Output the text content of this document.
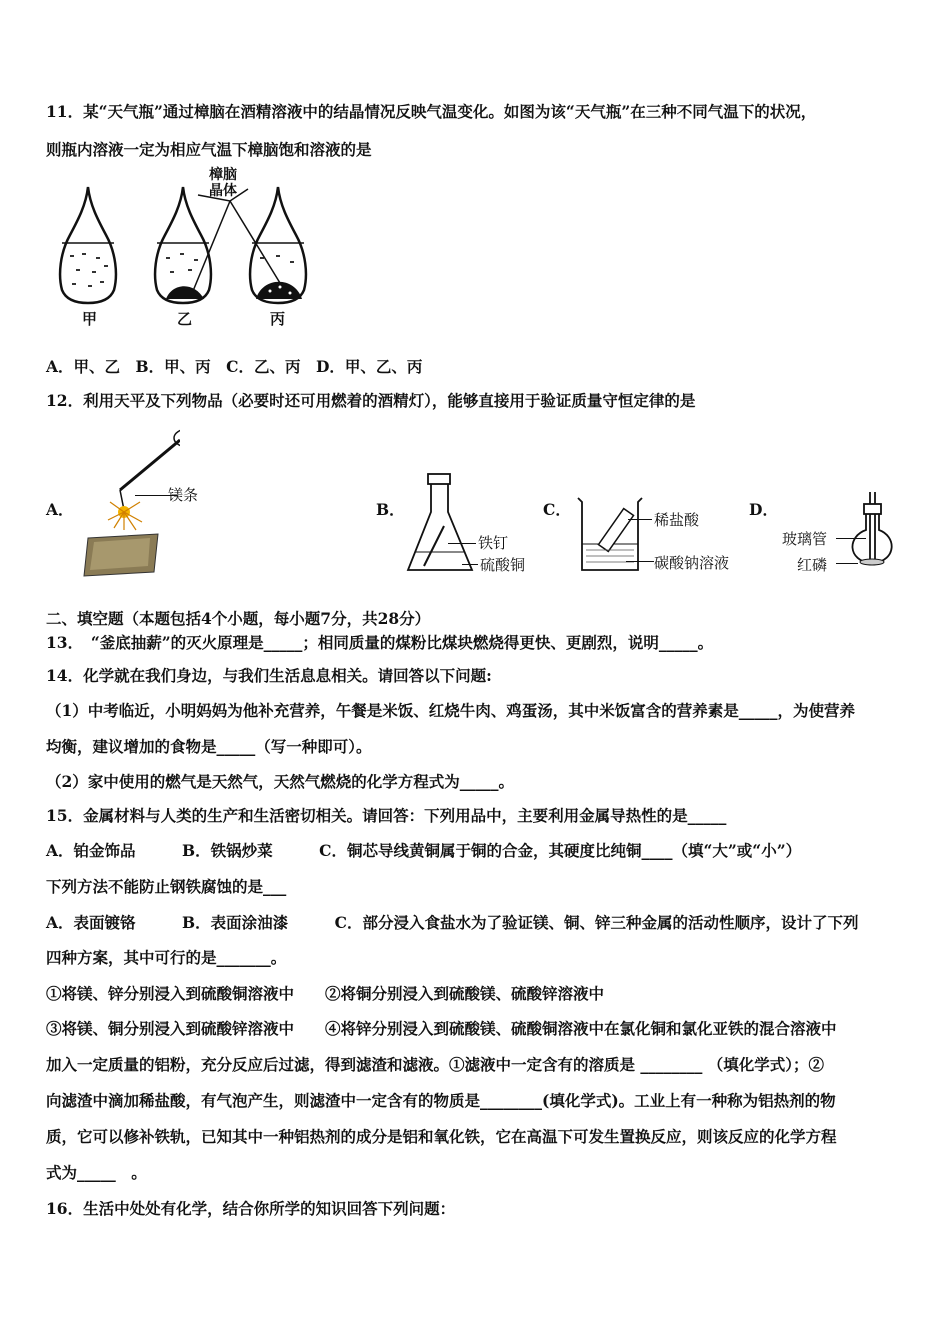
11．某“天气瓶”通过樟脑在酒精溶液中的结晶情况反映气温变化。如图为该“天气瓶”在三种不同气温下的状况，
则瓶内溶液一定为相应气温下樟脑饱和溶液的是
樟脑晶体
甲	乙	丙
A．甲、乙　B．甲、丙　C．乙、丙　D．甲、乙、丙
12．利用天平及下列物品（必要时还可用燃着的酒精灯），能够直接用于验证质量守恒定律的是
A．
镁条
B．
铁钉
硫酸铜
C．
稀盐酸
碳酸钠溶液
D．
玻璃管
红磷
二、填空题（本题包括4个小题，每小题7分，共28分）
13．　“釜底抽薪”的灭火原理是_____；相同质量的煤粉比煤块燃烧得更快、更剧烈，说明_____。
14．化学就在我们身边，与我们生活息息相关。请回答以下问题:
（1）中考临近，小明妈妈为他补充营养，午餐是米饭、红烧牛肉、鸡蛋汤，其中米饭富含的营养素是_____，为使营养
均衡，建议增加的食物是_____（写一种即可）。
（2）家中使用的燃气是天然气，天然气燃烧的化学方程式为_____。
15．金属材料与人类的生产和生活密切相关。请回答：下列用品中，主要利用金属导热性的是_____
A．铂金饰品　　　B．铁锅炒菜　　　C．铜芯导线黄铜属于铜的合金，其硬度比纯铜____（填“大”或“小”）
下列方法不能防止钢铁腐蚀的是___
A．表面镀铬　　　B．表面涂油漆　　　C．部分浸入食盐水为了验证镁、铜、锌三种金属的活动性顺序，设计了下列
四种方案，其中可行的是_______。
①将镁、锌分别浸入到硫酸铜溶液中　　②将铜分别浸入到硫酸镁、硫酸锌溶液中
③将镁、铜分别浸入到硫酸锌溶液中　　④将锌分别浸入到硫酸镁、硫酸铜溶液中在氯化铜和氯化亚铁的混合溶液中
加入一定质量的铝粉，充分反应后过滤，得到滤渣和滤液。①滤液中一定含有的溶质是 ________ （填化学式）；②
向滤渣中滴加稀盐酸，有气泡产生，则滤渣中一定含有的物质是________(填化学式)。工业上有一种称为铝热剂的物
质，它可以修补铁轨，已知其中一种铝热剂的成分是铝和氧化铁，它在高温下可发生置换反应，则该反应的化学方程
式为_____　。
16．生活中处处有化学，结合你所学的知识回答下列问题：
